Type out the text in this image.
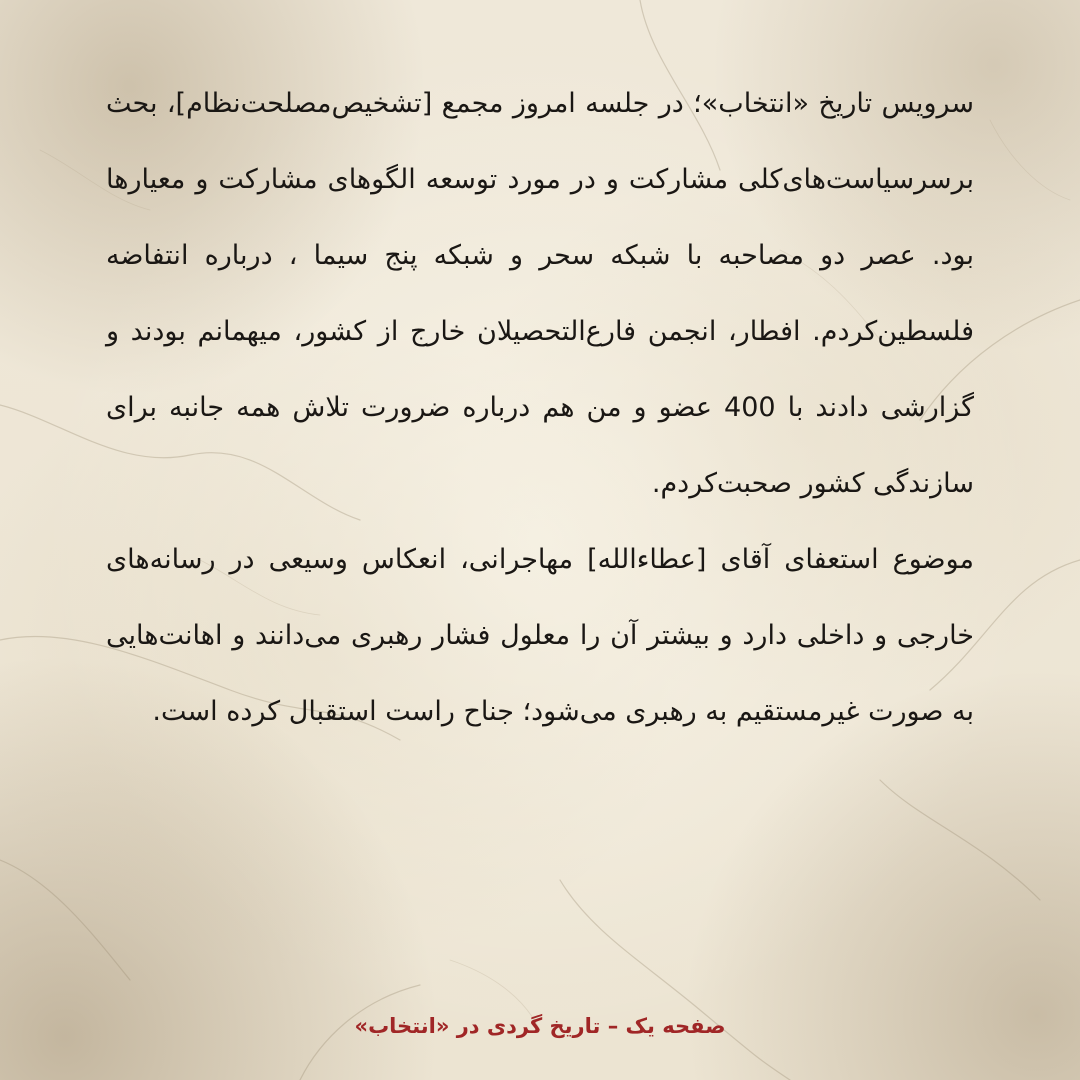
سرویس تاریخ «انتخاب»؛ در جلسه امروز مجمع [تشخیص‌مصلحت‌نظام]، بحث برسرسیاست‌های‌کلی مشارکت و در مورد توسعه الگوهای مشارکت و معیارها بود. عصر دو مصاحبه با شبکه سحر و شبکه پنج سیما ، درباره انتفاضه فلسطین‌کردم. افطار، انجمن فارع‌التحصیلان خارج از کشور، میهمانم بودند و گزارشی دادند با 400 عضو و من هم درباره ضرورت تلاش همه جانبه برای سازندگی کشور صحبت‌کردم.

موضوع استعفای آقای [عطاءالله] مهاجرانی، انعکاس وسیعی در رسانه‌های خارجی و داخلی دارد و بیشتر آن را معلول فشار رهبری می‌دانند و اهانت‌هایی به صورت غیرمستقیم به رهبری می‌شود؛ جناح راست استقبال کرده است.

صفحه یک – تاریخ گردی در «انتخاب»
